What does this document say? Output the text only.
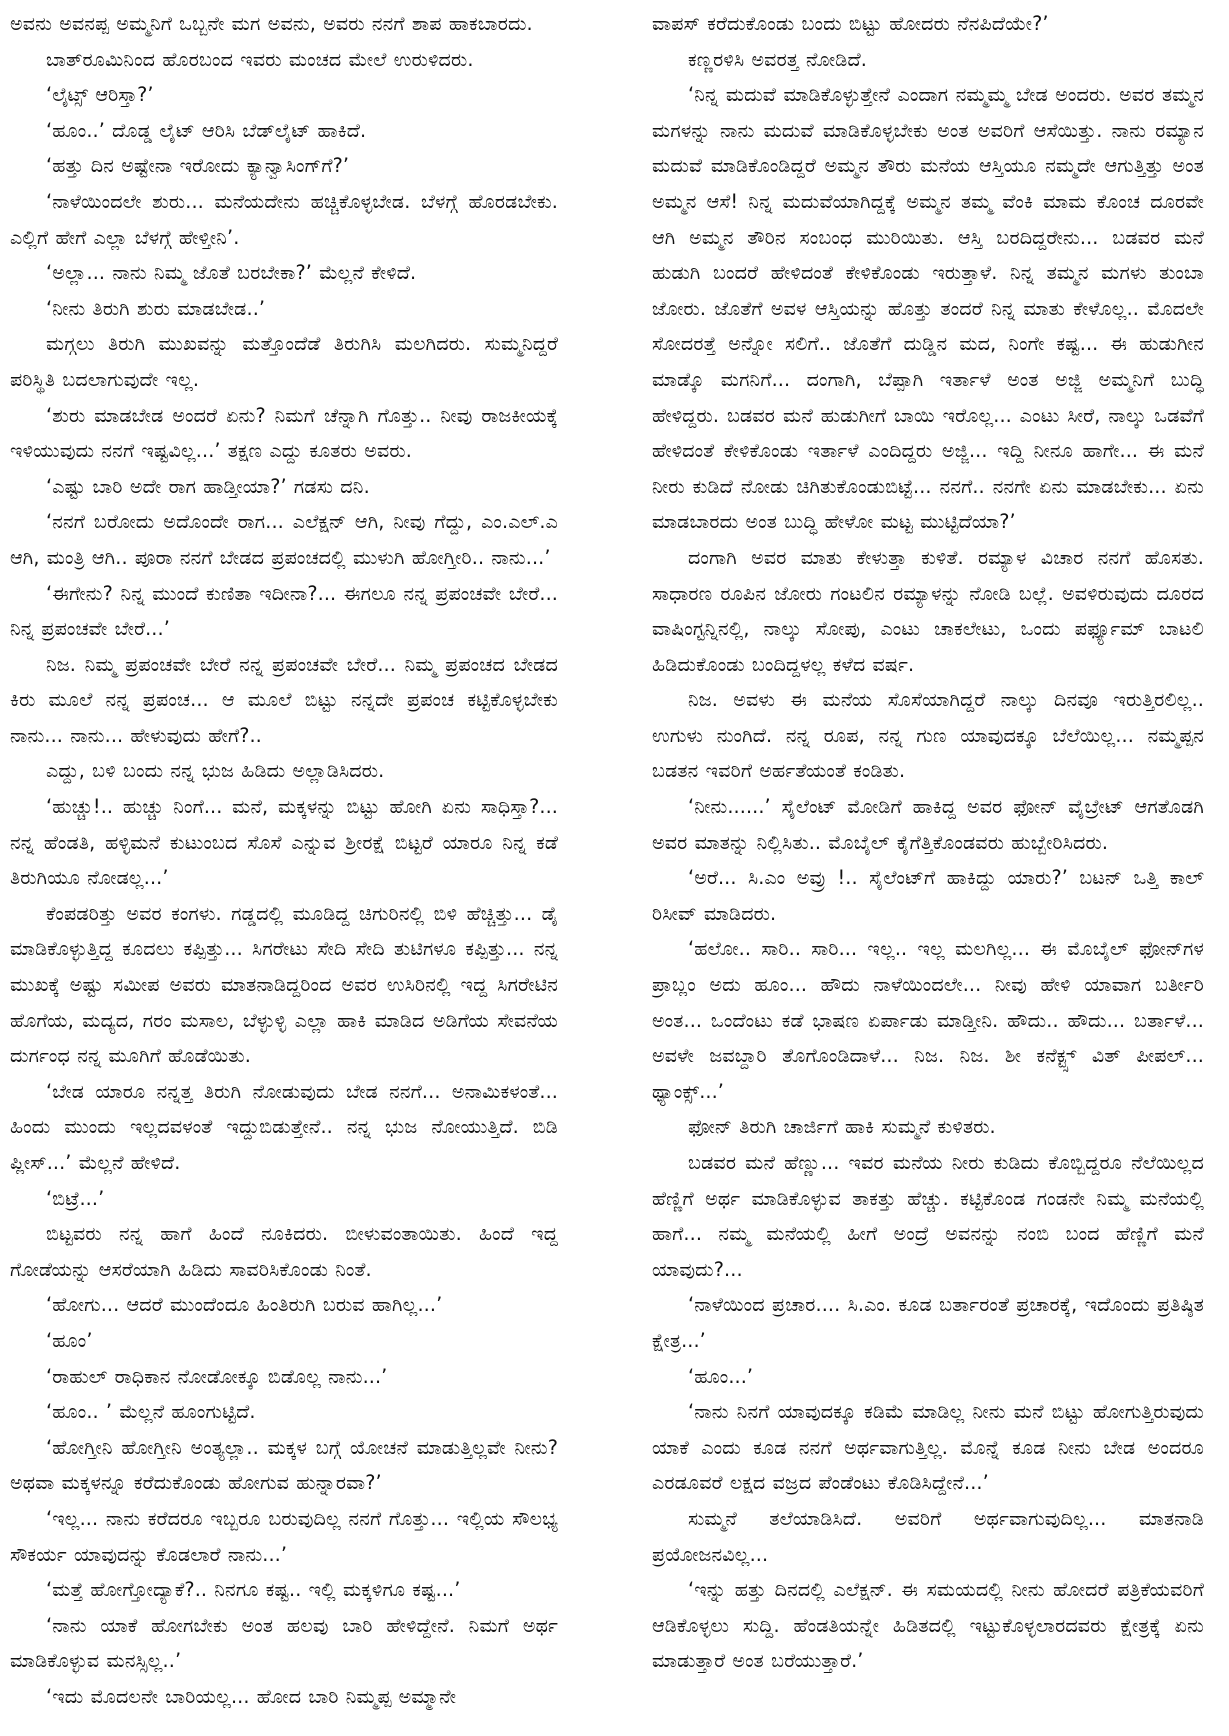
ಅವನು ಅವನಪ್ಪ ಅಮ್ಮನಿಗೆ ಒಬ್ಬನೇ ಮಗ ಅವನು, ಅವರು ನನಗೆ ಶಾಪ ಹಾಕಬಾರದು.

ಬಾತ್‌ರೂಮಿನಿಂದ ಹೊರಬಂದ ಇವರು ಮಂಚದ ಮೇಲೆ ಉರುಳಿದರು.

‘ಲೈಟ್ಸ್ ಆರಿಸ್ತಾ?’

‘ಹೂಂ..’ ದೊಡ್ಡ ಲೈಟ್ ಆರಿಸಿ ಬೆಡ್‌ಲೈಟ್ ಹಾಕಿದೆ.

‘ಹತ್ತು ದಿನ ಅಷ್ಟೇನಾ ಇರೋದು ಕ್ಯಾನ್ವಾಸಿಂಗ್‌ಗೆ?’

‘ನಾಳೆಯಿಂದಲೇ ಶುರು... ಮನೆಯದೇನು ಹಚ್ಚಿಕೊಳ್ಳಬೇಡ. ಬೆಳಗ್ಗೆ ಹೊರಡಬೇಕು. ಎಲ್ಲಿಗೆ ಹೇಗೆ ಎಲ್ಲಾ ಬೆಳಗ್ಗೆ ಹೇಳ್ತೀನಿ’.

‘ಅಲ್ಲಾ... ನಾನು ನಿಮ್ಮ ಜೊತೆ ಬರಬೇಕಾ?’ ಮೆಲ್ಲನೆ ಕೇಳಿದೆ.

‘ನೀನು ತಿರುಗಿ ಶುರು ಮಾಡಬೇಡ..’

ಮಗ್ಗಲು ತಿರುಗಿ ಮುಖವನ್ನು ಮತ್ತೊಂದೆಡೆ ತಿರುಗಿಸಿ ಮಲಗಿದರು. ಸುಮ್ಮನಿದ್ದರೆ ಪರಿಸ್ಥಿತಿ ಬದಲಾಗುವುದೇ ಇಲ್ಲ.

‘ಶುರು ಮಾಡಬೇಡ ಅಂದರೆ ಏನು? ನಿಮಗೆ ಚೆನ್ನಾಗಿ ಗೊತ್ತು.. ನೀವು ರಾಜಕೀಯಕ್ಕೆ ಇಳಿಯುವುದು ನನಗೆ ಇಷ್ಟವಿಲ್ಲ...’ ತಕ್ಷಣ ಎದ್ದು ಕೂತರು ಅವರು.

‘ಎಷ್ಟು ಬಾರಿ ಅದೇ ರಾಗ ಹಾಡ್ತೀಯಾ?’ ಗಡಸು ದನಿ.

‘ನನಗೆ ಬರೋದು ಅದೊಂದೇ ರಾಗ... ಎಲೆಕ್ಷನ್ ಆಗಿ, ನೀವು ಗೆದ್ದು, ಎಂ.ಎಲ್.ಎ ಆಗಿ, ಮಂತ್ರಿ ಆಗಿ.. ಪೂರಾ ನನಗೆ ಬೇಡದ ಪ್ರಪಂಚದಲ್ಲಿ ಮುಳುಗಿ ಹೋಗ್ತೀರಿ.. ನಾನು...’

‘ಈಗೇನು? ನಿನ್ನ ಮುಂದೆ ಕುಣಿತಾ ಇದೀನಾ?... ಈಗಲೂ ನನ್ನ ಪ್ರಪಂಚವೇ ಬೇರೆ... ನಿನ್ನ ಪ್ರಪಂಚವೇ ಬೇರೆ...’

ನಿಜ. ನಿಮ್ಮ ಪ್ರಪಂಚವೇ ಬೇರೆ ನನ್ನ ಪ್ರಪಂಚವೇ ಬೇರೆ... ನಿಮ್ಮ ಪ್ರಪಂಚದ ಬೇಡದ ಕಿರು ಮೂಲೆ ನನ್ನ ಪ್ರಪಂಚ... ಆ ಮೂಲೆ ಬಿಟ್ಟು ನನ್ನದೇ ಪ್ರಪಂಚ ಕಟ್ಟಿಕೊಳ್ಳಬೇಕು ನಾನು... ನಾನು... ಹೇಳುವುದು ಹೇಗೆ?..

ಎದ್ದು, ಬಳಿ ಬಂದು ನನ್ನ ಭುಜ ಹಿಡಿದು ಅಲ್ಲಾಡಿಸಿದರು.

‘ಹುಚ್ಚು!.. ಹುಚ್ಚು ನಿಂಗೆ... ಮನೆ, ಮಕ್ಕಳನ್ನು ಬಿಟ್ಟು ಹೋಗಿ ಏನು ಸಾಧಿಸ್ತಾ?... ನನ್ನ ಹೆಂಡತಿ, ಹಳ್ಳಿಮನೆ ಕುಟುಂಬದ ಸೊಸೆ ಎನ್ನುವ ಶ್ರೀರಕ್ಷೆ ಬಿಟ್ಟರೆ ಯಾರೂ ನಿನ್ನ ಕಡೆ ತಿರುಗಿಯೂ ನೋಡಲ್ಲ...’

ಕೆಂಪಡರಿತ್ತು ಅವರ ಕಂಗಳು. ಗಡ್ಡದಲ್ಲಿ ಮೂಡಿದ್ದ ಚಿಗುರಿನಲ್ಲಿ ಬಿಳಿ ಹೆಚ್ಚಿತ್ತು... ಡೈ ಮಾಡಿಕೊಳ್ಳುತ್ತಿದ್ದ ಕೂದಲು ಕಪ್ಪಿತ್ತು... ಸಿಗರೇಟು ಸೇದಿ ಸೇದಿ ತುಟಿಗಳೂ ಕಪ್ಪಿತ್ತು... ನನ್ನ ಮುಖಕ್ಕೆ ಅಷ್ಟು ಸಮೀಪ ಅವರು ಮಾತನಾಡಿದ್ದರಿಂದ ಅವರ ಉಸಿರಿನಲ್ಲಿ ಇದ್ದ ಸಿಗರೇಟಿನ ಹೊಗೆಯ, ಮದ್ಯದ, ಗರಂ ಮಸಾಲ, ಬೆಳ್ಳುಳ್ಳಿ ಎಲ್ಲಾ ಹಾಕಿ ಮಾಡಿದ ಅಡಿಗೆಯ ಸೇವನೆಯ ದುರ್ಗಂಧ ನನ್ನ ಮೂಗಿಗೆ ಹೊಡೆಯಿತು.

‘ಬೇಡ ಯಾರೂ ನನ್ನತ್ತ ತಿರುಗಿ ನೋಡುವುದು ಬೇಡ ನನಗೆ... ಅನಾಮಿಕಳಂತೆ... ಹಿಂದು ಮುಂದು ಇಲ್ಲದವಳಂತೆ ಇದ್ದುಬಿಡುತ್ತೇನೆ.. ನನ್ನ ಭುಜ ನೋಯುತ್ತಿದೆ. ಬಿಡಿ ಪ್ಲೀಸ್...’ ಮೆಲ್ಲನೆ ಹೇಳಿದೆ.

‘ಬಿಟ್ರೆ...’

ಬಿಟ್ಟವರು ನನ್ನ ಹಾಗೆ ಹಿಂದೆ ನೂಕಿದರು. ಬೀಳುವಂತಾಯಿತು. ಹಿಂದೆ ಇದ್ದ ಗೋಡೆಯನ್ನು ಆಸರೆಯಾಗಿ ಹಿಡಿದು ಸಾವರಿಸಿಕೊಂಡು ನಿಂತೆ.

‘ಹೋಗು... ಆದರೆ ಮುಂದೆಂದೂ ಹಿಂತಿರುಗಿ ಬರುವ ಹಾಗಿಲ್ಲ...’

‘ಹೂಂ’

‘ರಾಹುಲ್ ರಾಧಿಕಾನ ನೋಡೋಕ್ಕೂ ಬಿಡೊಲ್ಲ ನಾನು...’

‘ಹೂಂ.. ’ ಮೆಲ್ಲನೆ ಹೂಂಗುಟ್ಟಿದೆ.

‘ಹೋಗ್ತೀನಿ ಹೋಗ್ತೀನಿ ಅಂತ್ಯಲ್ಲಾ.. ಮಕ್ಕಳ ಬಗ್ಗೆ ಯೋಚನೆ ಮಾಡುತ್ತಿಲ್ಲವೇ ನೀನು? ಅಥವಾ ಮಕ್ಕಳನ್ನೂ ಕರೆದುಕೊಂಡು ಹೋಗುವ ಹುನ್ನಾರವಾ?’

‘ಇಲ್ಲ... ನಾನು ಕರೆದರೂ ಇಬ್ಬರೂ ಬರುವುದಿಲ್ಲ ನನಗೆ ಗೊತ್ತು... ಇಲ್ಲಿಯ ಸೌಲಭ್ಯ ಸೌಕರ್ಯ ಯಾವುದನ್ನು ಕೊಡಲಾರೆ ನಾನು...’

‘ಮತ್ತೆ ಹೋಗ್ತೋದ್ಯಾಕೆ?.. ನಿನಗೂ ಕಷ್ಟ.. ಇಲ್ಲಿ ಮಕ್ಕಳಿಗೂ ಕಷ್ಟ...’

‘ನಾನು ಯಾಕೆ ಹೋಗಬೇಕು ಅಂತ ಹಲವು ಬಾರಿ ಹೇಳಿದ್ದೇನೆ. ನಿಮಗೆ ಅರ್ಥ ಮಾಡಿಕೊಳ್ಳುವ ಮನಸ್ಸಿಲ್ಲ..’

‘ಇದು ಮೊದಲನೇ ಬಾರಿಯಲ್ಲ... ಹೋದ ಬಾರಿ ನಿಮ್ಮಪ್ಪ ಅಮ್ಮಾನೇ

ವಾಪಸ್ ಕರೆದುಕೊಂಡು ಬಂದು ಬಿಟ್ಟು ಹೋದರು ನೆನಪಿದೆಯೇ?’

ಕಣ್ಣರಳಿಸಿ ಅವರತ್ತ ನೋಡಿದೆ.

‘ನಿನ್ನ ಮದುವೆ ಮಾಡಿಕೊಳ್ಳುತ್ತೇನೆ ಎಂದಾಗ ನಮ್ಮಮ್ಮ ಬೇಡ ಅಂದರು. ಅವರ ತಮ್ಮನ ಮಗಳನ್ನು ನಾನು ಮದುವೆ ಮಾಡಿಕೊಳ್ಳಬೇಕು ಅಂತ ಅವರಿಗೆ ಆಸೆಯಿತ್ತು. ನಾನು ರಮ್ಯಾನ ಮದುವೆ ಮಾಡಿಕೊಂಡಿದ್ದರೆ ಅಮ್ಮನ ತೌರು ಮನೆಯ ಆಸ್ತಿಯೂ ನಮ್ಮದೇ ಆಗುತ್ತಿತ್ತು ಅಂತ ಅಮ್ಮನ ಆಸೆ! ನಿನ್ನ ಮದುವೆಯಾಗಿದ್ದಕ್ಕೆ ಅಮ್ಮನ ತಮ್ಮ ವೆಂಕಿ ಮಾಮ ಕೊಂಚ ದೂರವೇ ಆಗಿ ಅಮ್ಮನ ತೌರಿನ ಸಂಬಂಧ ಮುರಿಯಿತು. ಆಸ್ತಿ ಬರದಿದ್ದರೇನು... ಬಡವರ ಮನೆ ಹುಡುಗಿ ಬಂದರೆ ಹೇಳಿದಂತೆ ಕೇಳಿಕೊಂಡು ಇರುತ್ತಾಳೆ. ನಿನ್ನ ತಮ್ಮನ ಮಗಳು ತುಂಬಾ ಜೋರು. ಜೊತೆಗೆ ಅವಳ ಆಸ್ತಿಯನ್ನು ಹೊತ್ತು ತಂದರೆ ನಿನ್ನ ಮಾತು ಕೇಳೊಲ್ಲ.. ಮೊದಲೇ ಸೋದರತ್ತೆ ಅನ್ನೋ ಸಲಿಗೆ.. ಜೊತೆಗೆ ದುಡ್ಡಿನ ಮದ, ನಿಂಗೇ ಕಷ್ಟ... ಈ ಹುಡುಗೀನ ಮಾಡ್ಕೊ ಮಗನಿಗೆ... ದಂಗಾಗಿ, ಬೆಪ್ಪಾಗಿ ಇರ್ತಾಳೆ ಅಂತ ಅಜ್ಜಿ ಅಮ್ಮನಿಗೆ ಬುದ್ಧಿ ಹೇಳಿದ್ದರು. ಬಡವರ ಮನೆ ಹುಡುಗೀಗೆ ಬಾಯಿ ಇರೊಲ್ಲ... ಎಂಟು ಸೀರೆ, ನಾಲ್ಕು ಒಡವೆಗೆ ಹೇಳಿದಂತೆ ಕೇಳಿಕೊಂಡು ಇರ್ತಾಳೆ ಎಂದಿದ್ದರು ಅಜ್ಜಿ... ಇದ್ದಿ ನೀನೂ ಹಾಗೇ... ಈ ಮನೆ ನೀರು ಕುಡಿದೆ ನೋಡು ಚಿಗಿತುಕೊಂಡುಬಿಟ್ಟೆ... ನನಗೆ.. ನನಗೇ ಏನು ಮಾಡಬೇಕು... ಏನು ಮಾಡಬಾರದು ಅಂತ ಬುದ್ಧಿ ಹೇಳೋ ಮಟ್ಟ ಮುಟ್ಟಿದೆಯಾ?’

ದಂಗಾಗಿ ಅವರ ಮಾತು ಕೇಳುತ್ತಾ ಕುಳಿತೆ. ರಮ್ಯಾಳ ವಿಚಾರ ನನಗೆ ಹೊಸತು. ಸಾಧಾರಣ ರೂಪಿನ ಜೋರು ಗಂಟಲಿನ ರಮ್ಯಾಳನ್ನು ನೋಡಿ ಬಲ್ಲೆ. ಅವಳಿರುವುದು ದೂರದ ವಾಷಿಂಗ್ಟನ್ನಿನಲ್ಲಿ, ನಾಲ್ಕು ಸೋಪು, ಎಂಟು ಚಾಕಲೇಟು, ಒಂದು ಪರ್ಫ್ಯೂಮ್ ಬಾಟಲಿ ಹಿಡಿದುಕೊಂಡು ಬಂದಿದ್ದಳಲ್ಲ ಕಳೆದ ವರ್ಷ.

ನಿಜ. ಅವಳು ಈ ಮನೆಯ ಸೊಸೆಯಾಗಿದ್ದರೆ ನಾಲ್ಕು ದಿನವೂ ಇರುತ್ತಿರಲಿಲ್ಲ.. ಉಗುಳು ನುಂಗಿದೆ. ನನ್ನ ರೂಪ, ನನ್ನ ಗುಣ ಯಾವುದಕ್ಕೂ ಬೆಲೆಯಿಲ್ಲ... ನಮ್ಮಪ್ಪನ ಬಡತನ ಇವರಿಗೆ ಅರ್ಹತೆಯಂತೆ ಕಂಡಿತು.

‘ನೀನು......’ ಸೈಲೆಂಟ್ ಮೋಡಿಗೆ ಹಾಕಿದ್ದ ಅವರ ಫೋನ್ ವೈಬ್ರೇಟ್ ಆಗತೊಡಗಿ ಅವರ ಮಾತನ್ನು ನಿಲ್ಲಿಸಿತು.. ಮೊಬೈಲ್ ಕೈಗೆತ್ತಿಕೊಂಡವರು ಹುಬ್ಬೇರಿಸಿದರು.

‘ಅರೆ... ಸಿ.ಎಂ ಅವ್ರು !.. ಸೈಲೆಂಟ್‌ಗೆ ಹಾಕಿದ್ದು ಯಾರು?’ ಬಟನ್ ಒತ್ತಿ ಕಾಲ್ ರಿಸೀವ್ ಮಾಡಿದರು.

‘ಹಲೋ.. ಸಾರಿ.. ಸಾರಿ... ಇಲ್ಲ.. ಇಲ್ಲ ಮಲಗಿಲ್ಲ... ಈ ಮೊಬೈಲ್ ಫೋನ್‌ಗಳ ಪ್ರಾಬ್ಲಂ ಅದು ಹೂಂ... ಹೌದು ನಾಳೆಯಿಂದಲೇ... ನೀವು ಹೇಳಿ ಯಾವಾಗ ಬರ್ತೀರಿ ಅಂತ... ಒಂದೆಂಟು ಕಡೆ ಭಾಷಣ ಏರ್ಪಾಡು ಮಾಡ್ತೀನಿ. ಹೌದು.. ಹೌದು... ಬರ್ತಾಳೆ... ಅವಳೇ ಜವಬ್ದಾರಿ ತೊಗೊಂಡಿದಾಳೆ... ನಿಜ. ನಿಜ. ಶೀ ಕನೆಕ್ಟ್ಸ್ ವಿತ್ ಪೀಪಲ್... ಥ್ಯಾಂಕ್ಸ್...’

ಫೋನ್ ತಿರುಗಿ ಚಾರ್ಜಿಗೆ ಹಾಕಿ ಸುಮ್ಮನೆ ಕುಳಿತರು.

ಬಡವರ ಮನೆ ಹೆಣ್ಣು... ಇವರ ಮನೆಯ ನೀರು ಕುಡಿದು ಕೊಬ್ಬಿದ್ದರೂ ನೆಲೆಯಿಲ್ಲದ ಹೆಣ್ಣಿಗೆ ಅರ್ಥ ಮಾಡಿಕೊಳ್ಳುವ ತಾಕತ್ತು ಹೆಚ್ಚು. ಕಟ್ಟಿಕೊಂಡ ಗಂಡನೇ ನಿಮ್ಮ ಮನೆಯಲ್ಲಿ ಹಾಗೆ... ನಮ್ಮ ಮನೆಯಲ್ಲಿ ಹೀಗೆ ಅಂದ್ರೆ ಅವನನ್ನು ನಂಬಿ ಬಂದ ಹೆಣ್ಣಿಗೆ ಮನೆ ಯಾವುದು?...

‘ನಾಳೆಯಿಂದ ಪ್ರಚಾರ.... ಸಿ.ಎಂ. ಕೂಡ ಬರ್ತಾರಂತೆ ಪ್ರಚಾರಕ್ಕೆ, ಇದೊಂದು ಪ್ರತಿಷ್ಠಿತ ಕ್ಷೇತ್ರ...’

‘ಹೂಂ...’

‘ನಾನು ನಿನಗೆ ಯಾವುದಕ್ಕೂ ಕಡಿಮೆ ಮಾಡಿಲ್ಲ ನೀನು ಮನೆ ಬಿಟ್ಟು ಹೋಗುತ್ತಿರುವುದು ಯಾಕೆ ಎಂದು ಕೂಡ ನನಗೆ ಅರ್ಥವಾಗುತ್ತಿಲ್ಲ. ಮೊನ್ನೆ ಕೂಡ ನೀನು ಬೇಡ ಅಂದರೂ ಎರಡೂವರೆ ಲಕ್ಷದ ವಜ್ರದ ಪೆಂಡೆಂಟು ಕೊಡಿಸಿದ್ದೇನೆ...’

ಸುಮ್ಮನೆ ತಲೆಯಾಡಿಸಿದೆ. ಅವರಿಗೆ ಅರ್ಥವಾಗುವುದಿಲ್ಲ... ಮಾತನಾಡಿ ಪ್ರಯೋಜನವಿಲ್ಲ...

‘ಇನ್ನು ಹತ್ತು ದಿನದಲ್ಲಿ ಎಲೆಕ್ಷನ್. ಈ ಸಮಯದಲ್ಲಿ ನೀನು ಹೋದರೆ ಪತ್ರಿಕೆಯವರಿಗೆ ಆಡಿಕೊಳ್ಳಲು ಸುದ್ದಿ. ಹೆಂಡತಿಯನ್ನೇ ಹಿಡಿತದಲ್ಲಿ ಇಟ್ಟುಕೊಳ್ಳಲಾರದವರು ಕ್ಷೇತ್ರಕ್ಕೆ ಏನು ಮಾಡುತ್ತಾರೆ ಅಂತ ಬರೆಯುತ್ತಾರೆ.’
